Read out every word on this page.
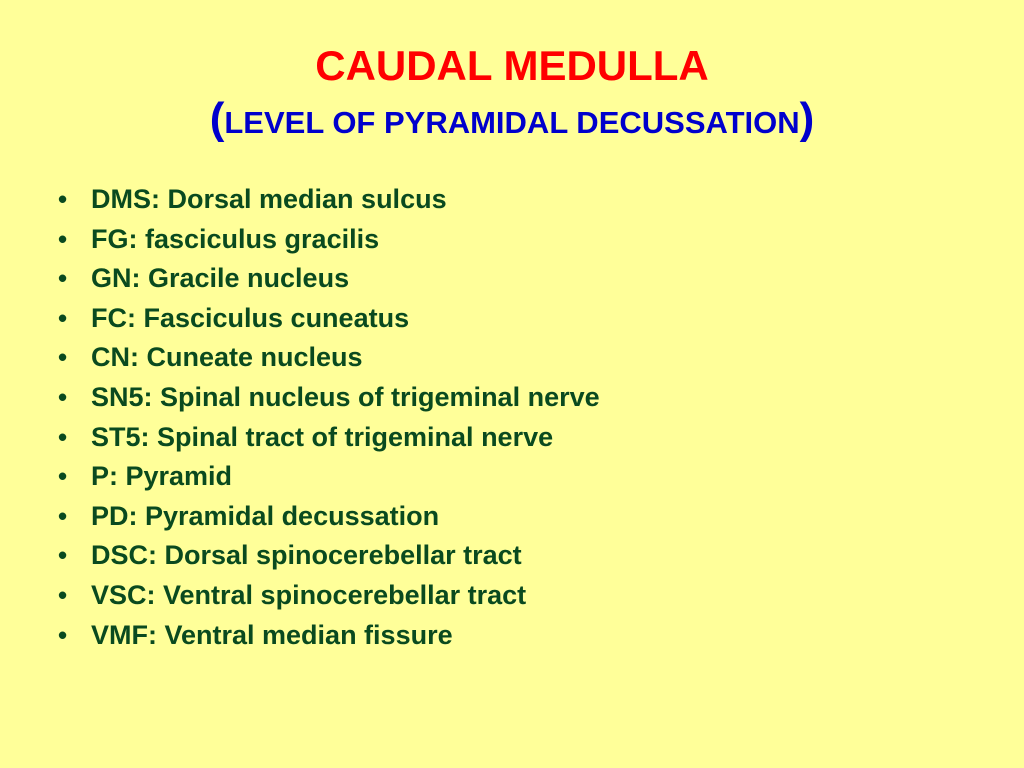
CAUDAL MEDULLA
(LEVEL OF PYRAMIDAL DECUSSATION)
• DMS: Dorsal median sulcus
• FG: fasciculus gracilis
• GN: Gracile nucleus
• FC: Fasciculus cuneatus
• CN: Cuneate nucleus
• SN5: Spinal nucleus of trigeminal nerve
• ST5: Spinal tract of trigeminal nerve
• P: Pyramid
• PD: Pyramidal decussation
• DSC: Dorsal spinocerebellar tract
• VSC: Ventral spinocerebellar tract
• VMF: Ventral median fissure
